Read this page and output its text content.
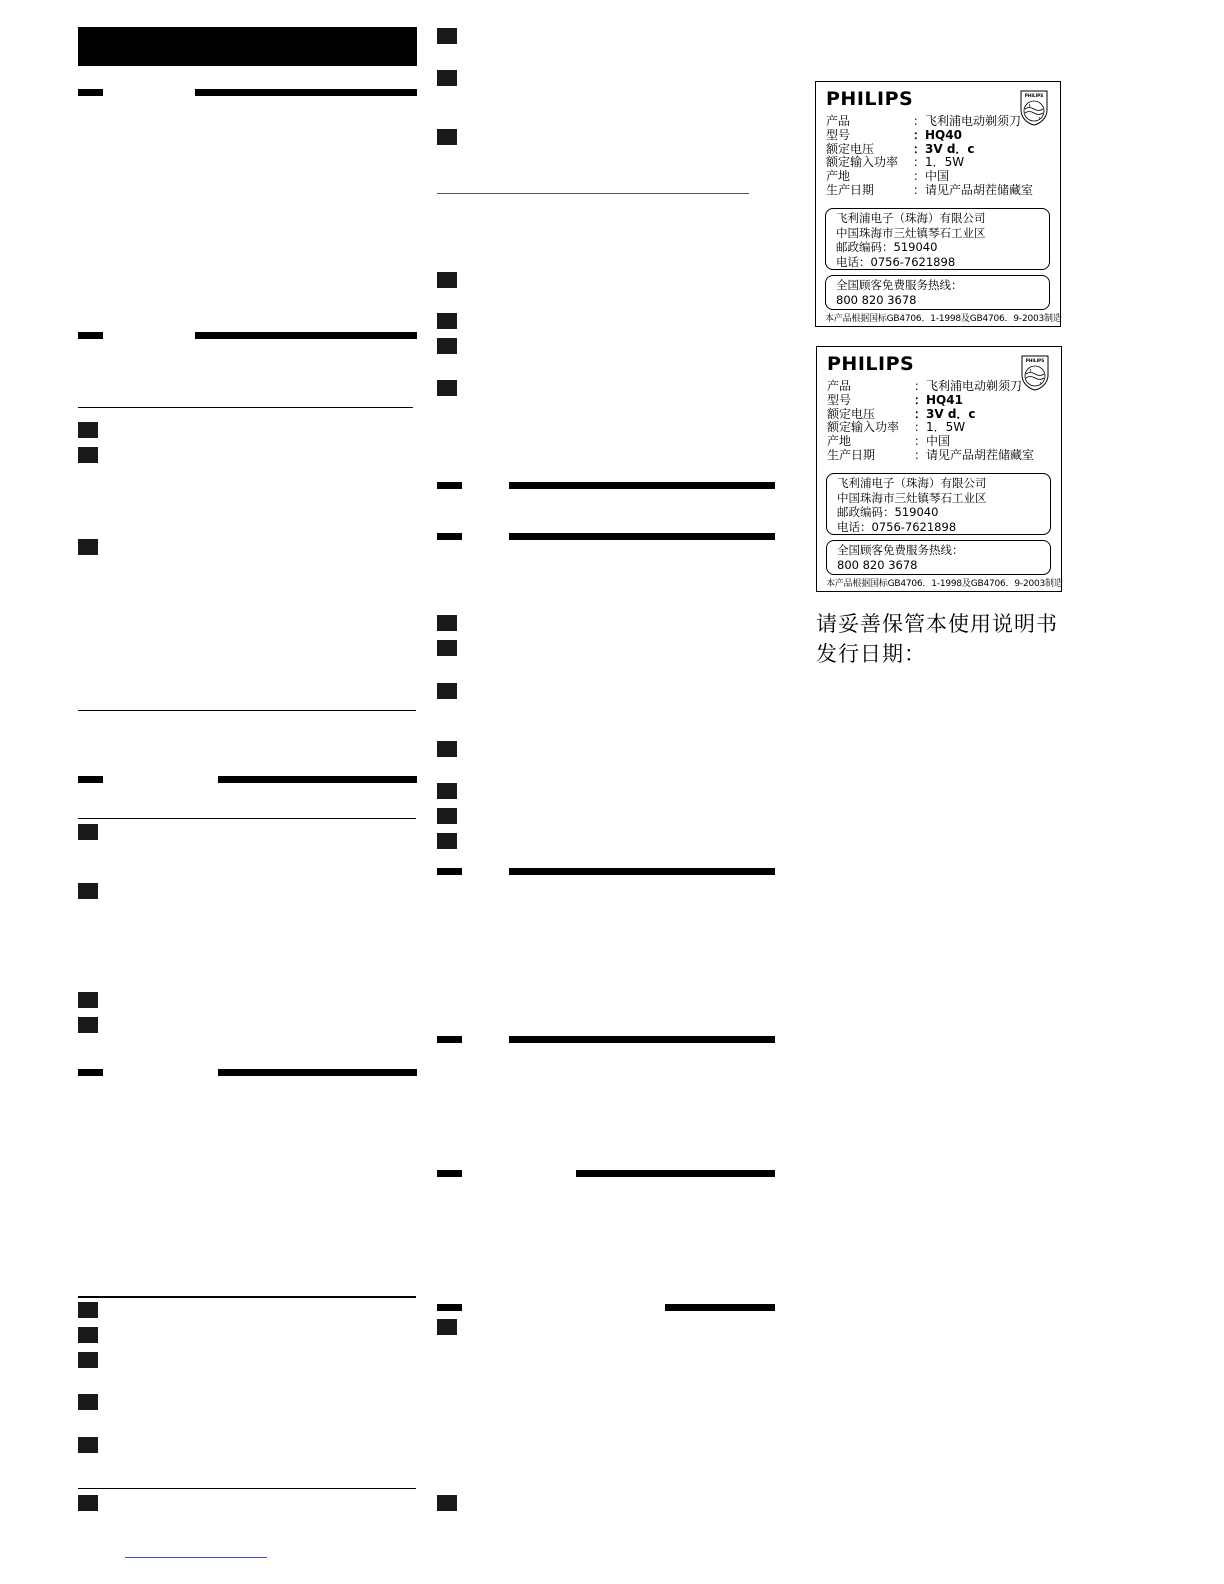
PHILIPS	PHILIPS
产品	：飞利浦电动剃须刀
型号	：HQ40
额定电压	：3V d．c
额定输入功率	：1．5W
产地	：中国
生产日期	：请见产品胡茬储藏室
飞利浦电子（珠海）有限公司
中国珠海市三灶镇琴石工业区
邮政编码：519040
电话：0756-7621898
全国顾客免费服务热线：
800 820 3678
本产品根据国标GB4706．1-1998及GB4706．9-2003制造
PHILIPS	PHILIPS
产品	：飞利浦电动剃须刀
型号	：HQ41
额定电压	：3V d．c
额定输入功率	：1．5W
产地	：中国
生产日期	：请见产品胡茬储藏室
飞利浦电子（珠海）有限公司
中国珠海市三灶镇琴石工业区
邮政编码：519040
电话：0756-7621898
全国顾客免费服务热线：
800 820 3678
本产品根据国标GB4706．1-1998及GB4706．9-2003制造
请妥善保管本使用说明书
发行日期：
